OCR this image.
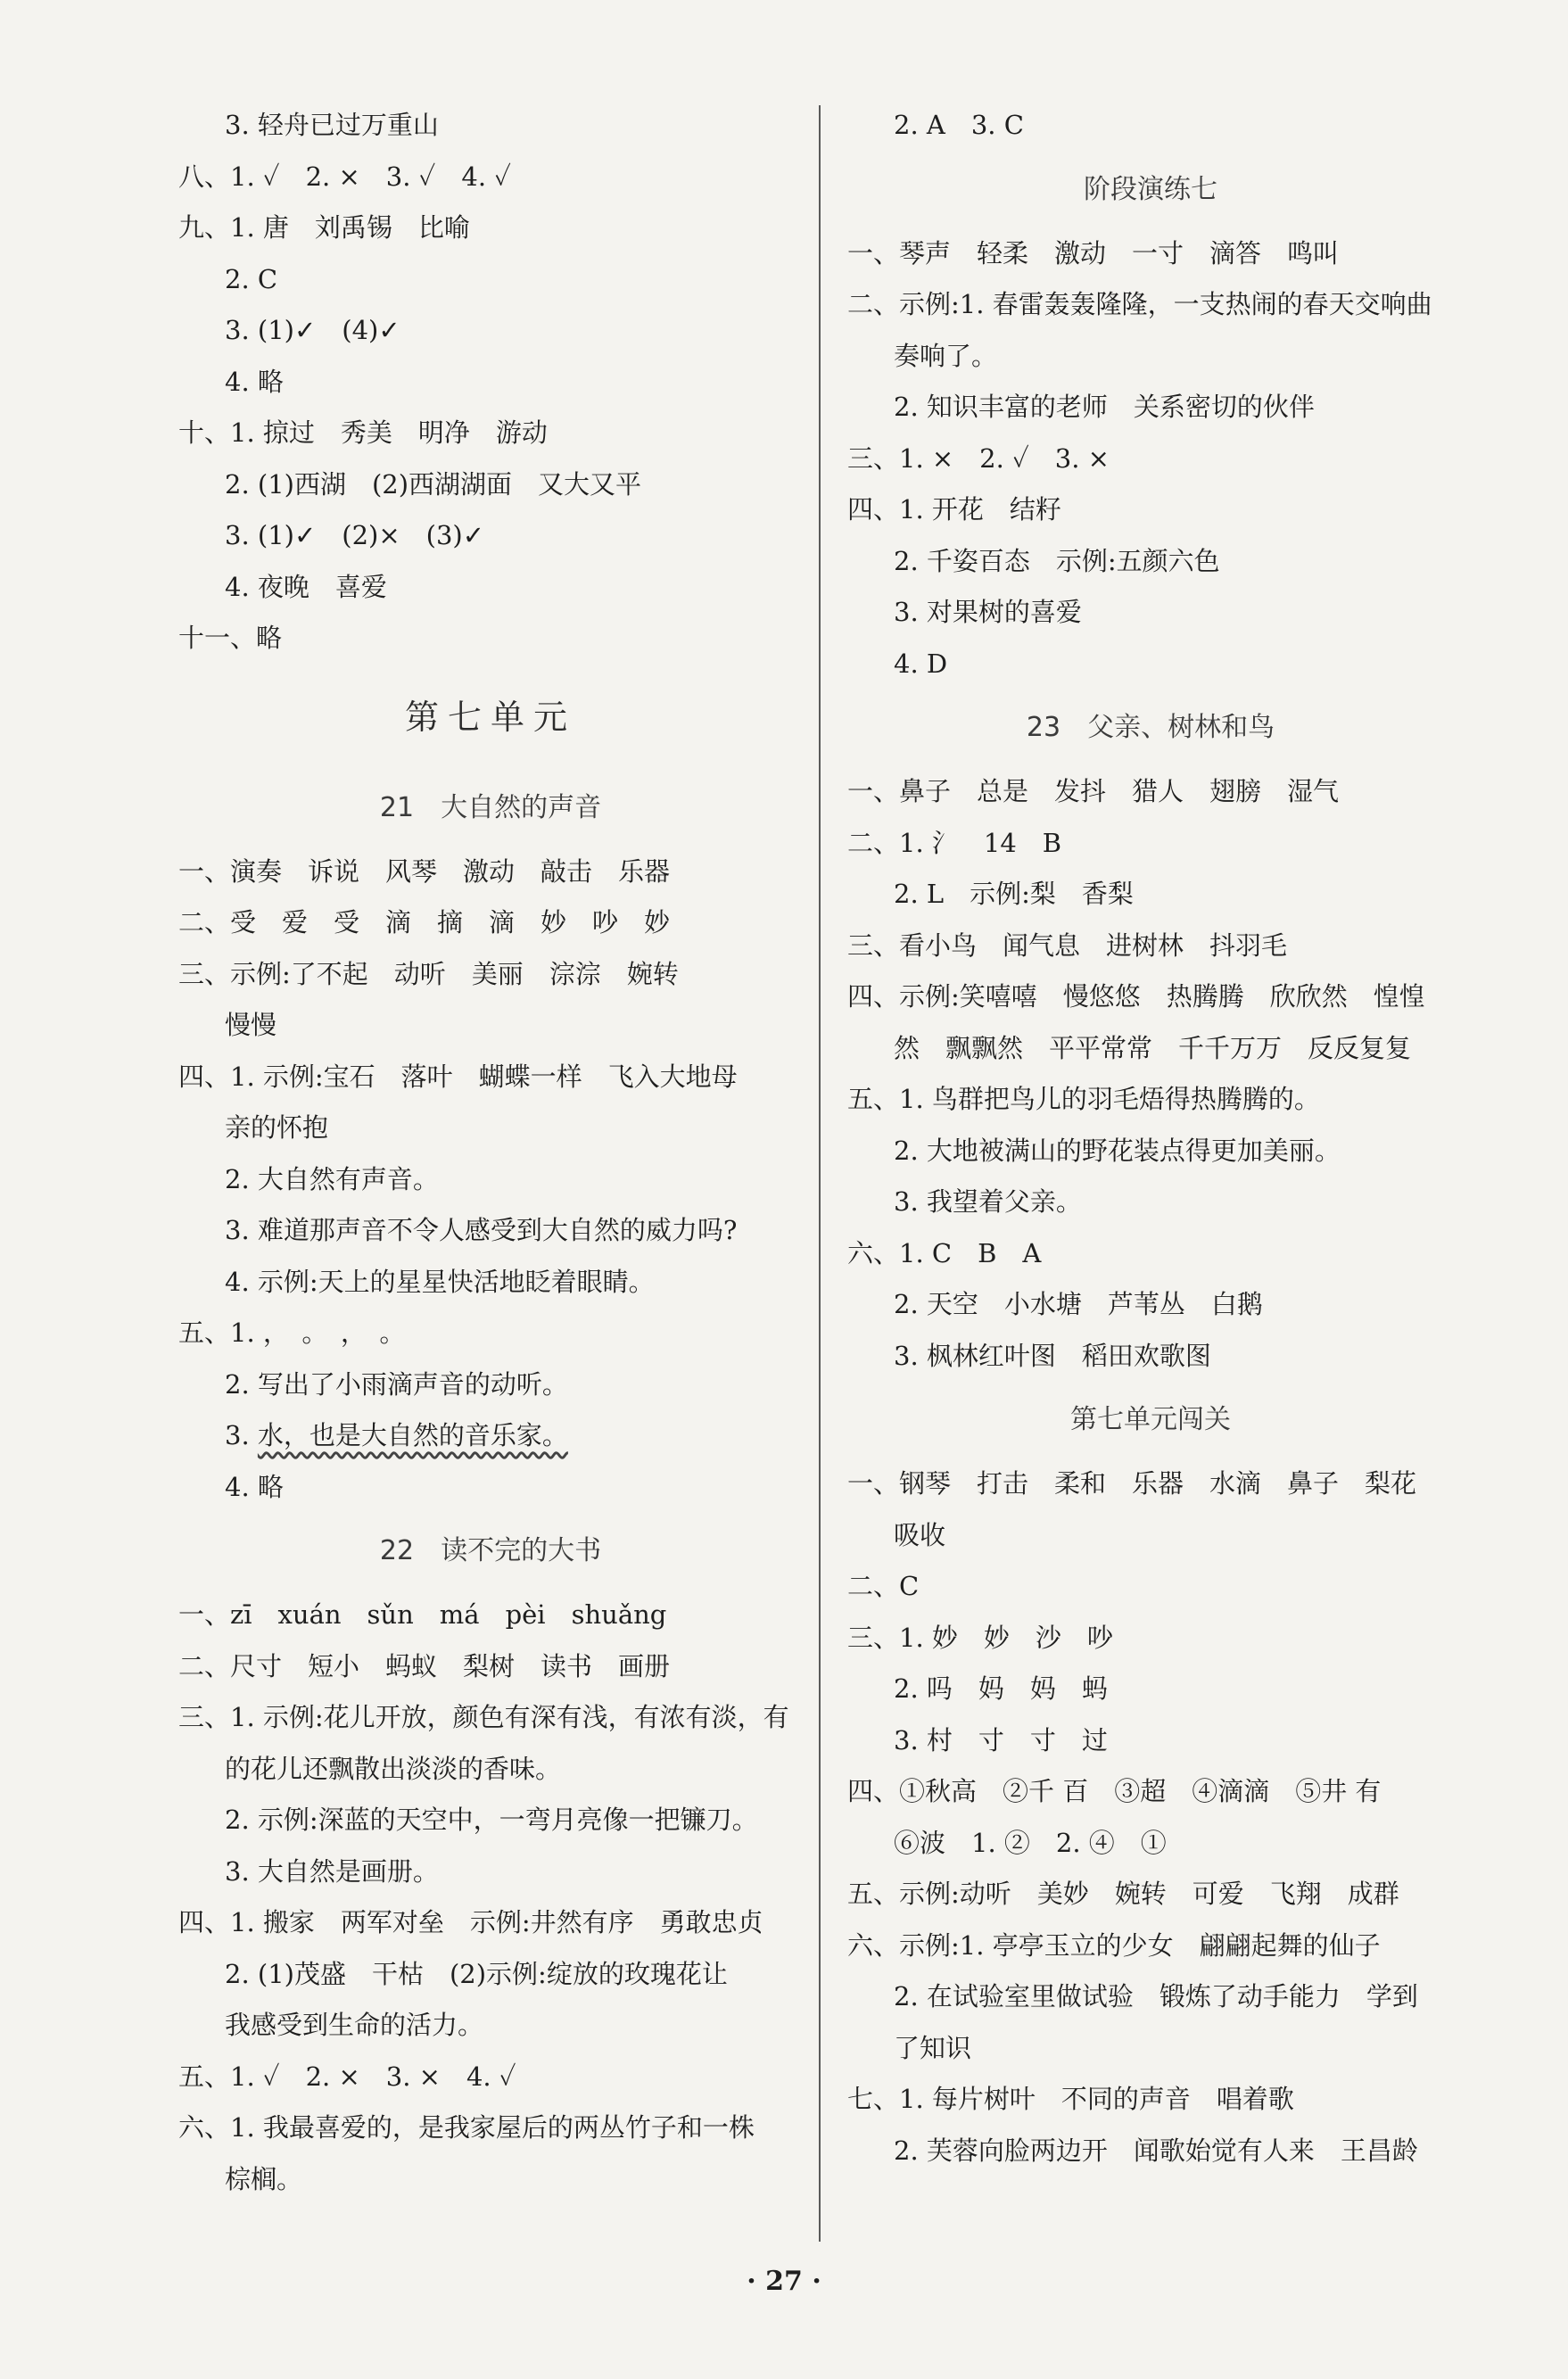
3. 轻舟已过万重山
八、1. ✓　2. ×　3. ✓　4. ✓
九、1. 唐　刘禹锡　比喻
2. C
3. (1)✓　(4)✓
4. 略
十、1. 掠过　秀美　明净　游动
2. (1)西湖　(2)西湖湖面　又大又平
3. (1)✓　(2)×　(3)✓
4. 夜晚　喜爱
十一、略
第七单元
21　大自然的声音
一、演奏　诉说　风琴　激动　敲击　乐器
二、受　爱　受　滴　摘　滴　妙　吵　妙
三、示例:了不起　动听　美丽　淙淙　婉转
慢慢
四、1. 示例:宝石　落叶　蝴蝶一样　飞入大地母
亲的怀抱
2. 大自然有声音。
3. 难道那声音不令人感受到大自然的威力吗?
4. 示例:天上的星星快活地眨着眼睛。
五、1. ，　。　，　。
2. 写出了小雨滴声音的动听。
3. 水，也是大自然的音乐家。
4. 略
22　读不完的大书
一、zī　xuán　sǔn　má　pèi　shuǎng
二、尺寸　短小　蚂蚁　梨树　读书　画册
三、1. 示例:花儿开放，颜色有深有浅，有浓有淡，有
的花儿还飘散出淡淡的香味。
2. 示例:深蓝的天空中，一弯月亮像一把镰刀。
3. 大自然是画册。
四、1. 搬家　两军对垒　示例:井然有序　勇敢忠贞
2. (1)茂盛　干枯　(2)示例:绽放的玫瑰花让
我感受到生命的活力。
五、1. ✓　2. ×　3. ×　4. ✓
六、1. 我最喜爱的，是我家屋后的两丛竹子和一株
棕榈。
2. A　3. C
阶段演练七
一、琴声　轻柔　激动　一寸　滴答　鸣叫
二、示例:1. 春雷轰轰隆隆，一支热闹的春天交响曲
奏响了。
2. 知识丰富的老师　关系密切的伙伴
三、1. ×　2. ✓　3. ×
四、1. 开花　结籽
2. 千姿百态　示例:五颜六色
3. 对果树的喜爱
4. D
23　父亲、树林和鸟
一、鼻子　总是　发抖　猎人　翅膀　湿气
二、1. 氵　14　B
2. L　示例:梨　香梨
三、看小鸟　闻气息　进树林　抖羽毛
四、示例:笑嘻嘻　慢悠悠　热腾腾　欣欣然　惶惶
然　飘飘然　平平常常　千千万万　反反复复
五、1. 鸟群把鸟儿的羽毛焐得热腾腾的。
2. 大地被满山的野花装点得更加美丽。
3. 我望着父亲。
六、1. C　B　A
2. 天空　小水塘　芦苇丛　白鹅
3. 枫林红叶图　稻田欢歌图
第七单元闯关
一、钢琴　打击　柔和　乐器　水滴　鼻子　梨花
吸收
二、C
三、1. 妙　妙　沙　吵
2. 吗　妈　妈　蚂
3. 村　寸　寸　过
四、①秋高　②千 百　③超　④滴滴　⑤井 有
⑥波　1. ②　2. ④　①
五、示例:动听　美妙　婉转　可爱　飞翔　成群
六、示例:1. 亭亭玉立的少女　翩翩起舞的仙子
2. 在试验室里做试验　锻炼了动手能力　学到
了知识
七、1. 每片树叶　不同的声音　唱着歌
2. 芙蓉向脸两边开　闻歌始觉有人来　王昌龄
· 27 ·
